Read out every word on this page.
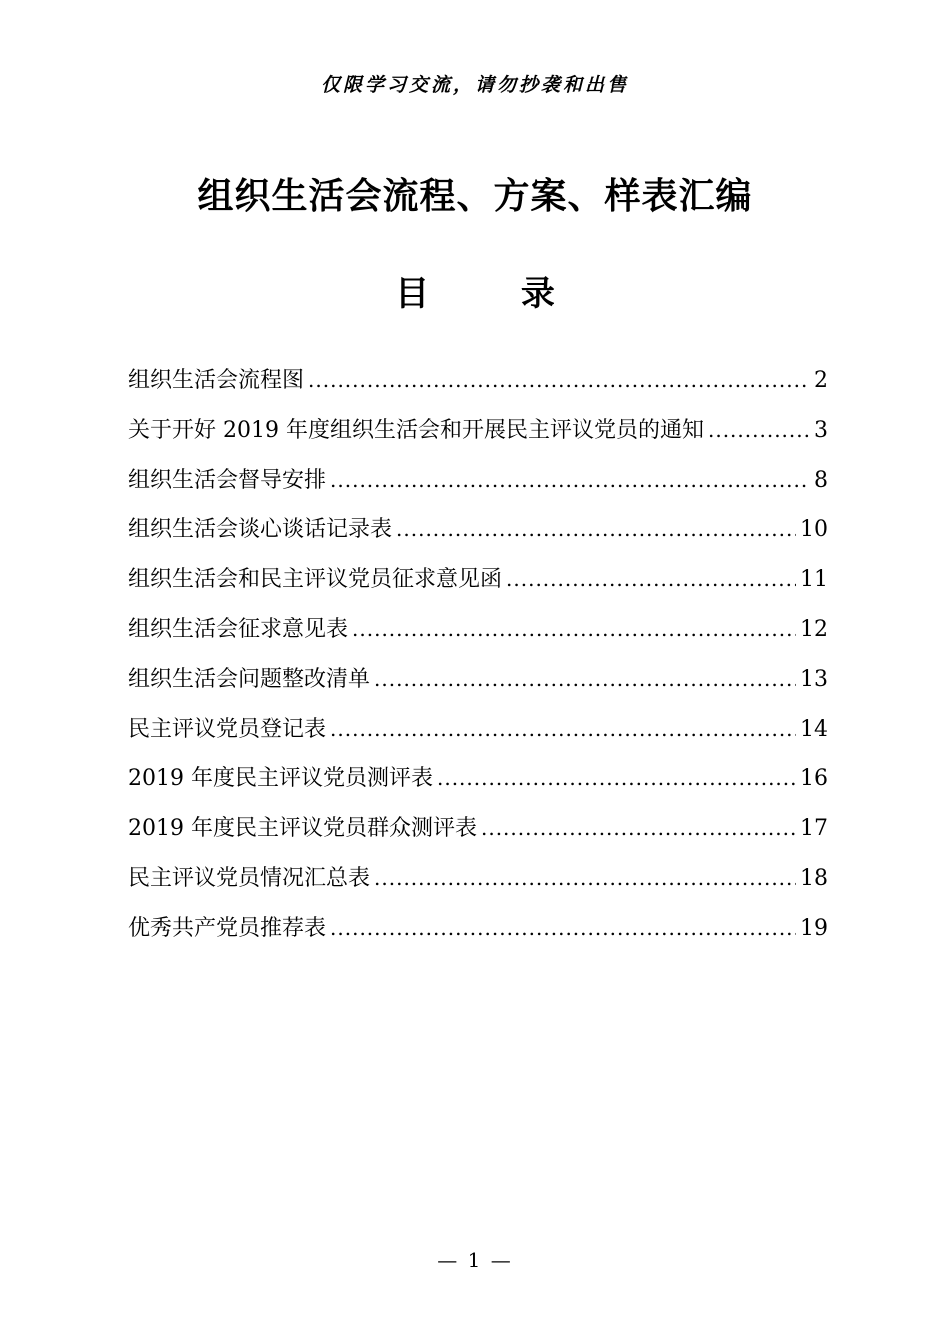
仅限学习交流，请勿抄袭和出售
组织生活会流程、方案、样表汇编
目 录
组织生活会流程图 .....	2
关于开好 2019 年度组织生活会和开展民主评议党员的通知 .....	3
组织生活会督导安排 .....	8
组织生活会谈心谈话记录表 .....	10
组织生活会和民主评议党员征求意见函 .....	11
组织生活会征求意见表 .....	12
组织生活会问题整改清单 .....	13
民主评议党员登记表 .....	14
2019 年度民主评议党员测评表 .....	16
2019 年度民主评议党员群众测评表 .....	17
民主评议党员情况汇总表 .....	18
优秀共产党员推荐表 .....	19
— 1 —
